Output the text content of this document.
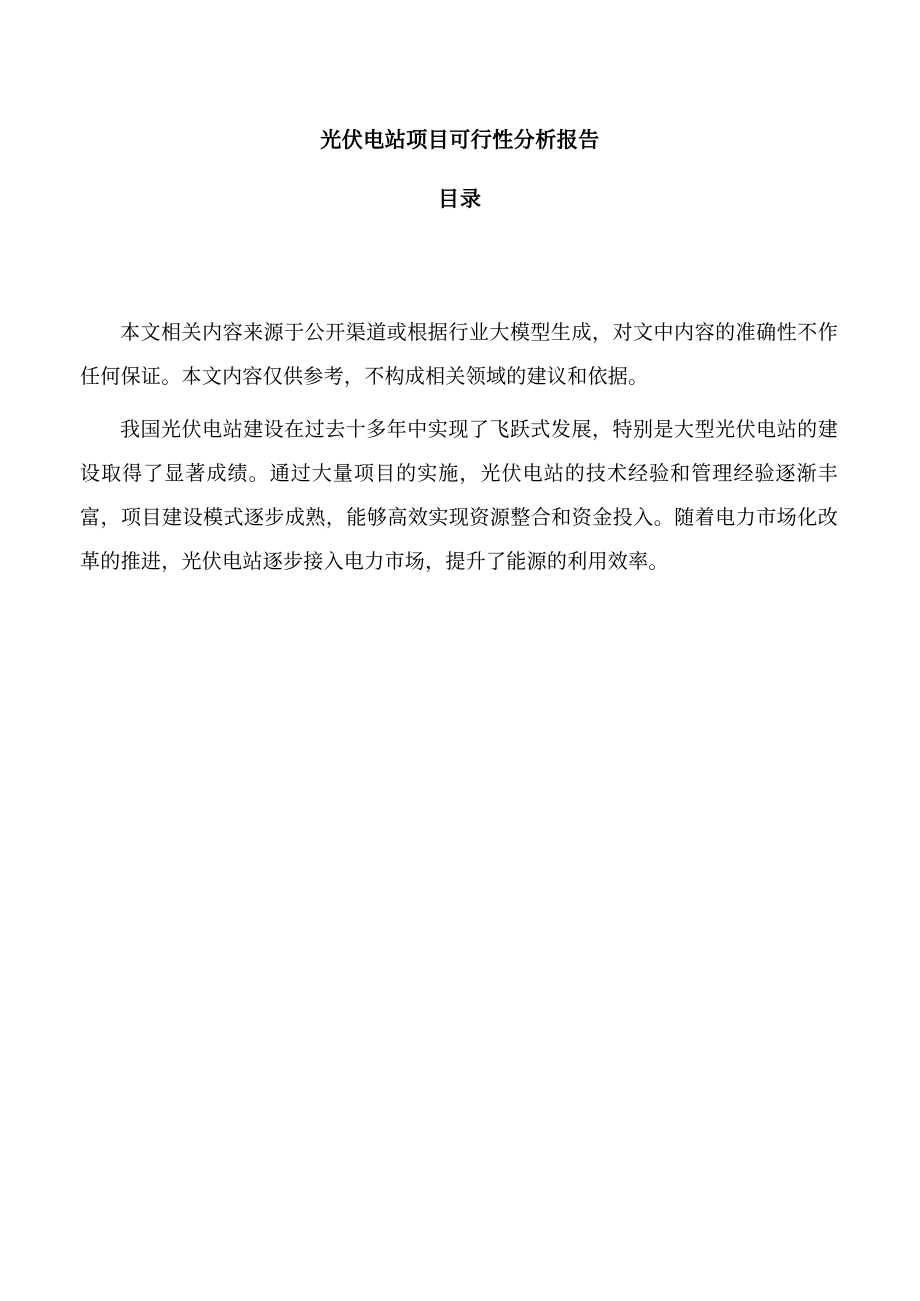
光伏电站项目可行性分析报告
目录

本文相关内容来源于公开渠道或根据行业大模型生成，对文中内容的准确性不作任何保证。本文内容仅供参考，不构成相关领域的建议和依据。

我国光伏电站建设在过去十多年中实现了飞跃式发展，特别是大型光伏电站的建设取得了显著成绩。通过大量项目的实施，光伏电站的技术经验和管理经验逐渐丰富，项目建设模式逐步成熟，能够高效实现资源整合和资金投入。随着电力市场化改革的推进，光伏电站逐步接入电力市场，提升了能源的利用效率。
